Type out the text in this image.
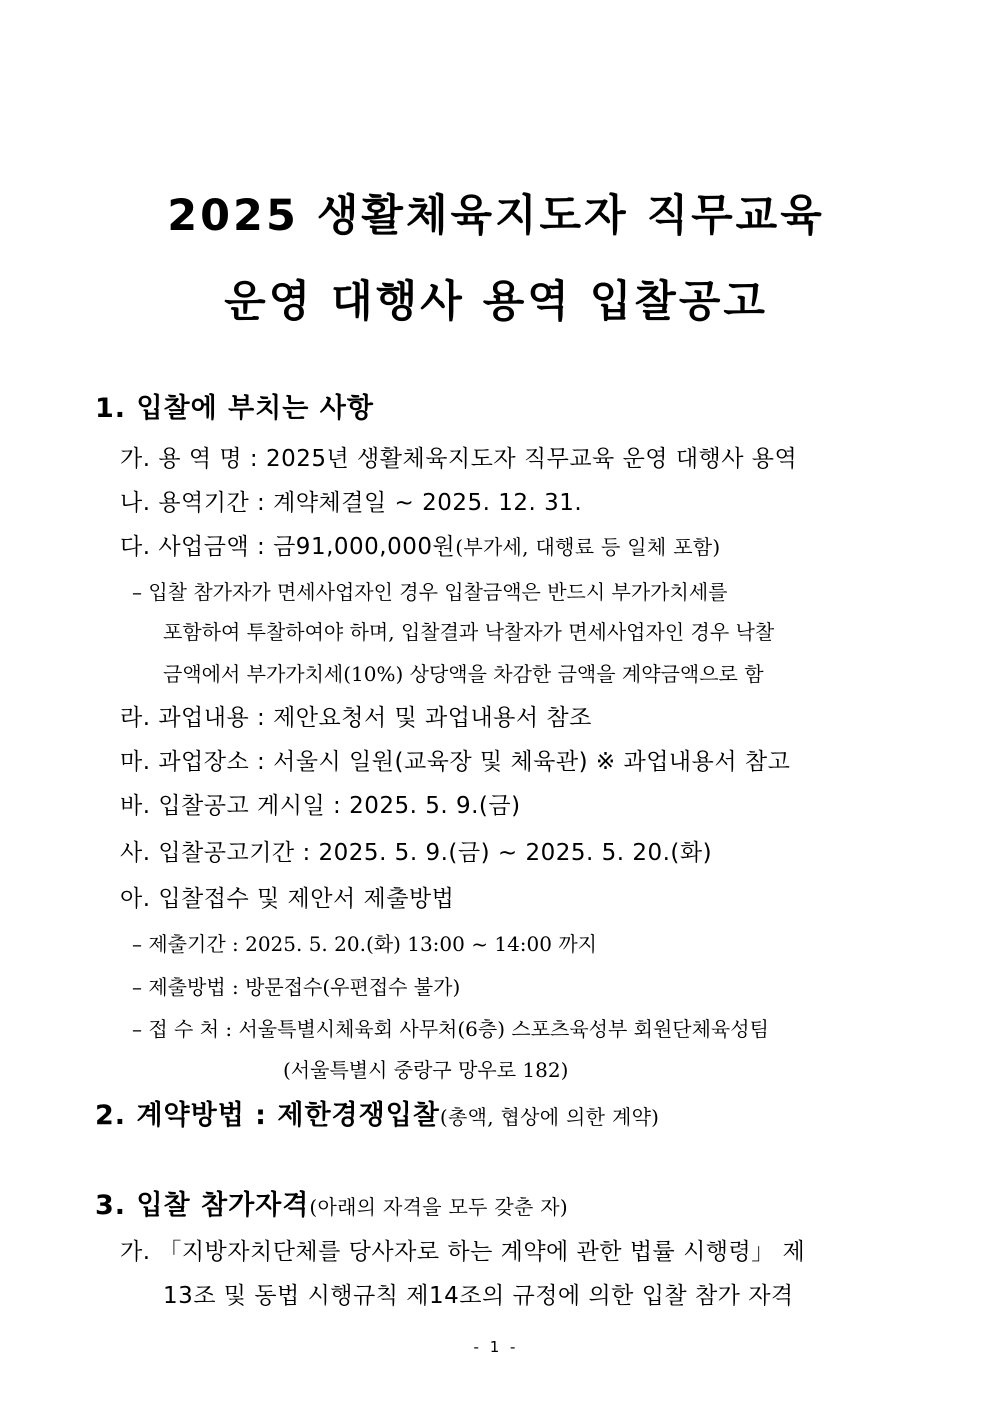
2025 생활체육지도자 직무교육
운영 대행사 용역 입찰공고
1. 입찰에 부치는 사항
가. 용 역 명 : 2025년 생활체육지도자 직무교육 운영 대행사 용역
나. 용역기간 : 계약체결일 ~ 2025. 12. 31.
다. 사업금액 : 금91,000,000원(부가세, 대행료 등 일체 포함)
– 입찰 참가자가 면세사업자인 경우 입찰금액은 반드시 부가가치세를
포함하여 투찰하여야 하며, 입찰결과 낙찰자가 면세사업자인 경우 낙찰
금액에서 부가가치세(10%) 상당액을 차감한 금액을 계약금액으로 함
라. 과업내용 : 제안요청서 및 과업내용서 참조
마. 과업장소 : 서울시 일원(교육장 및 체육관) ※ 과업내용서 참고
바. 입찰공고 게시일 : 2025. 5. 9.(금)
사. 입찰공고기간 : 2025. 5. 9.(금) ~ 2025. 5. 20.(화)
아. 입찰접수 및 제안서 제출방법
– 제출기간 : 2025. 5. 20.(화) 13:00 ~ 14:00 까지
– 제출방법 : 방문접수(우편접수 불가)
– 접 수 처 : 서울특별시체육회 사무처(6층) 스포츠육성부 회원단체육성팀
(서울특별시 중랑구 망우로 182)
2. 계약방법 : 제한경쟁입찰(총액, 협상에 의한 계약)
3. 입찰 참가자격(아래의 자격을 모두 갖춘 자)
가. 「지방자치단체를 당사자로 하는 계약에 관한 법률 시행령」 제
13조 및 동법 시행규칙 제14조의 규정에 의한 입찰 참가 자격
- 1 -
